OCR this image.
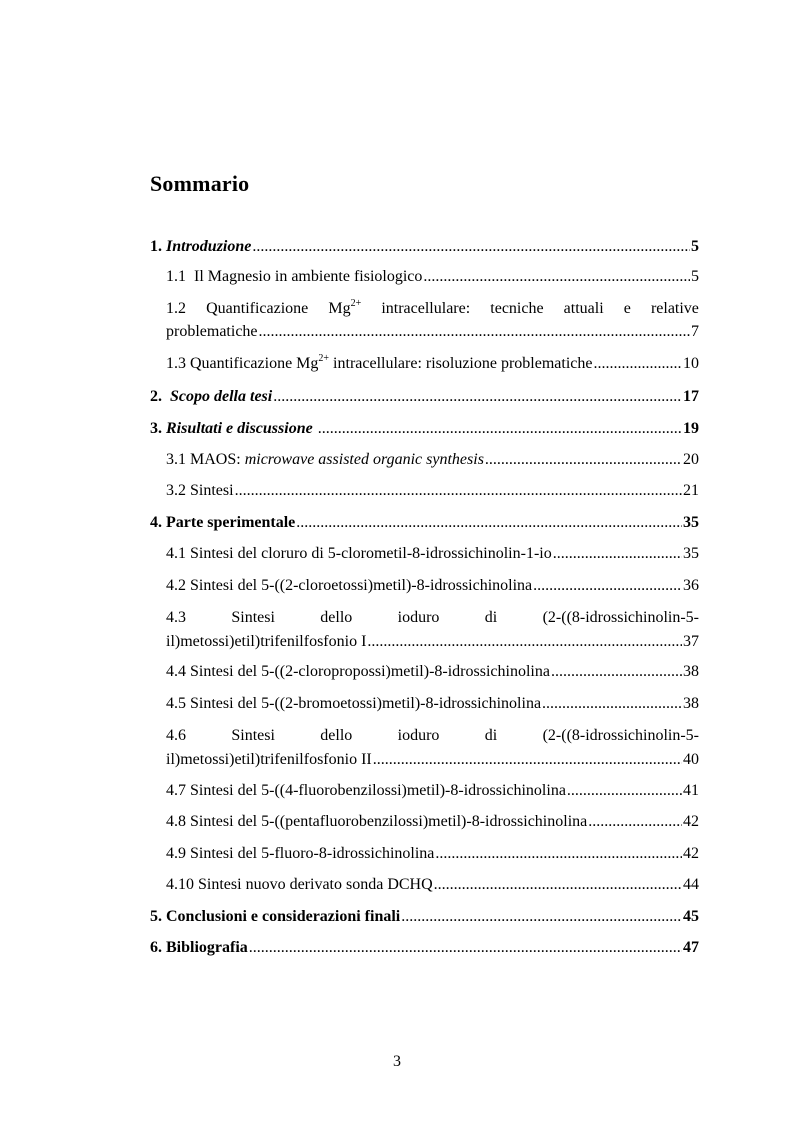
Sommario
1. Introduzione .....	5
1.1 Il Magnesio in ambiente fisiologico .....	5
1.2 Quantificazione $Mg^{2+}$ intracellulare: tecniche attuali e relative
problematiche .....	7
1.3 Quantificazione $Mg^{2+}$ intracellulare: risoluzione problematiche .....	10
2. Scopo della tesi .....	17
3. Risultati e discussione .....	19
3.1 MAOS: microwave assisted organic synthesis .....	20
3.2 Sintesi .....	21
4. Parte sperimentale .....	35
4.1 Sintesi del cloruro di 5-clorometil-8-idrossichinolin-1-io .....	35
4.2 Sintesi del 5-((2-cloroetossi)metil)-8-idrossichinolina .....	36
4.3	Sintesi	dello	ioduro	di	(2-((8-idrossichinolin-5-
il)metossi)etil)trifenilfosfonio I .....	37
4.4 Sintesi del 5-((2-cloropropossi)metil)-8-idrossichinolina .....	38
4.5 Sintesi del 5-((2-bromoetossi)metil)-8-idrossichinolina .....	38
4.6	Sintesi	dello	ioduro	di	(2-((8-idrossichinolin-5-
il)metossi)etil)trifenilfosfonio II .....	40
4.7 Sintesi del 5-((4-fluorobenzilossi)metil)-8-idrossichinolina .....	41
4.8 Sintesi del 5-((pentafluorobenzilossi)metil)-8-idrossichinolina .....	42
4.9 Sintesi del 5-fluoro-8-idrossichinolina .....	42
4.10 Sintesi nuovo derivato sonda DCHQ .....	44
5. Conclusioni e considerazioni finali .....	45
6. Bibliografia .....	47
3
